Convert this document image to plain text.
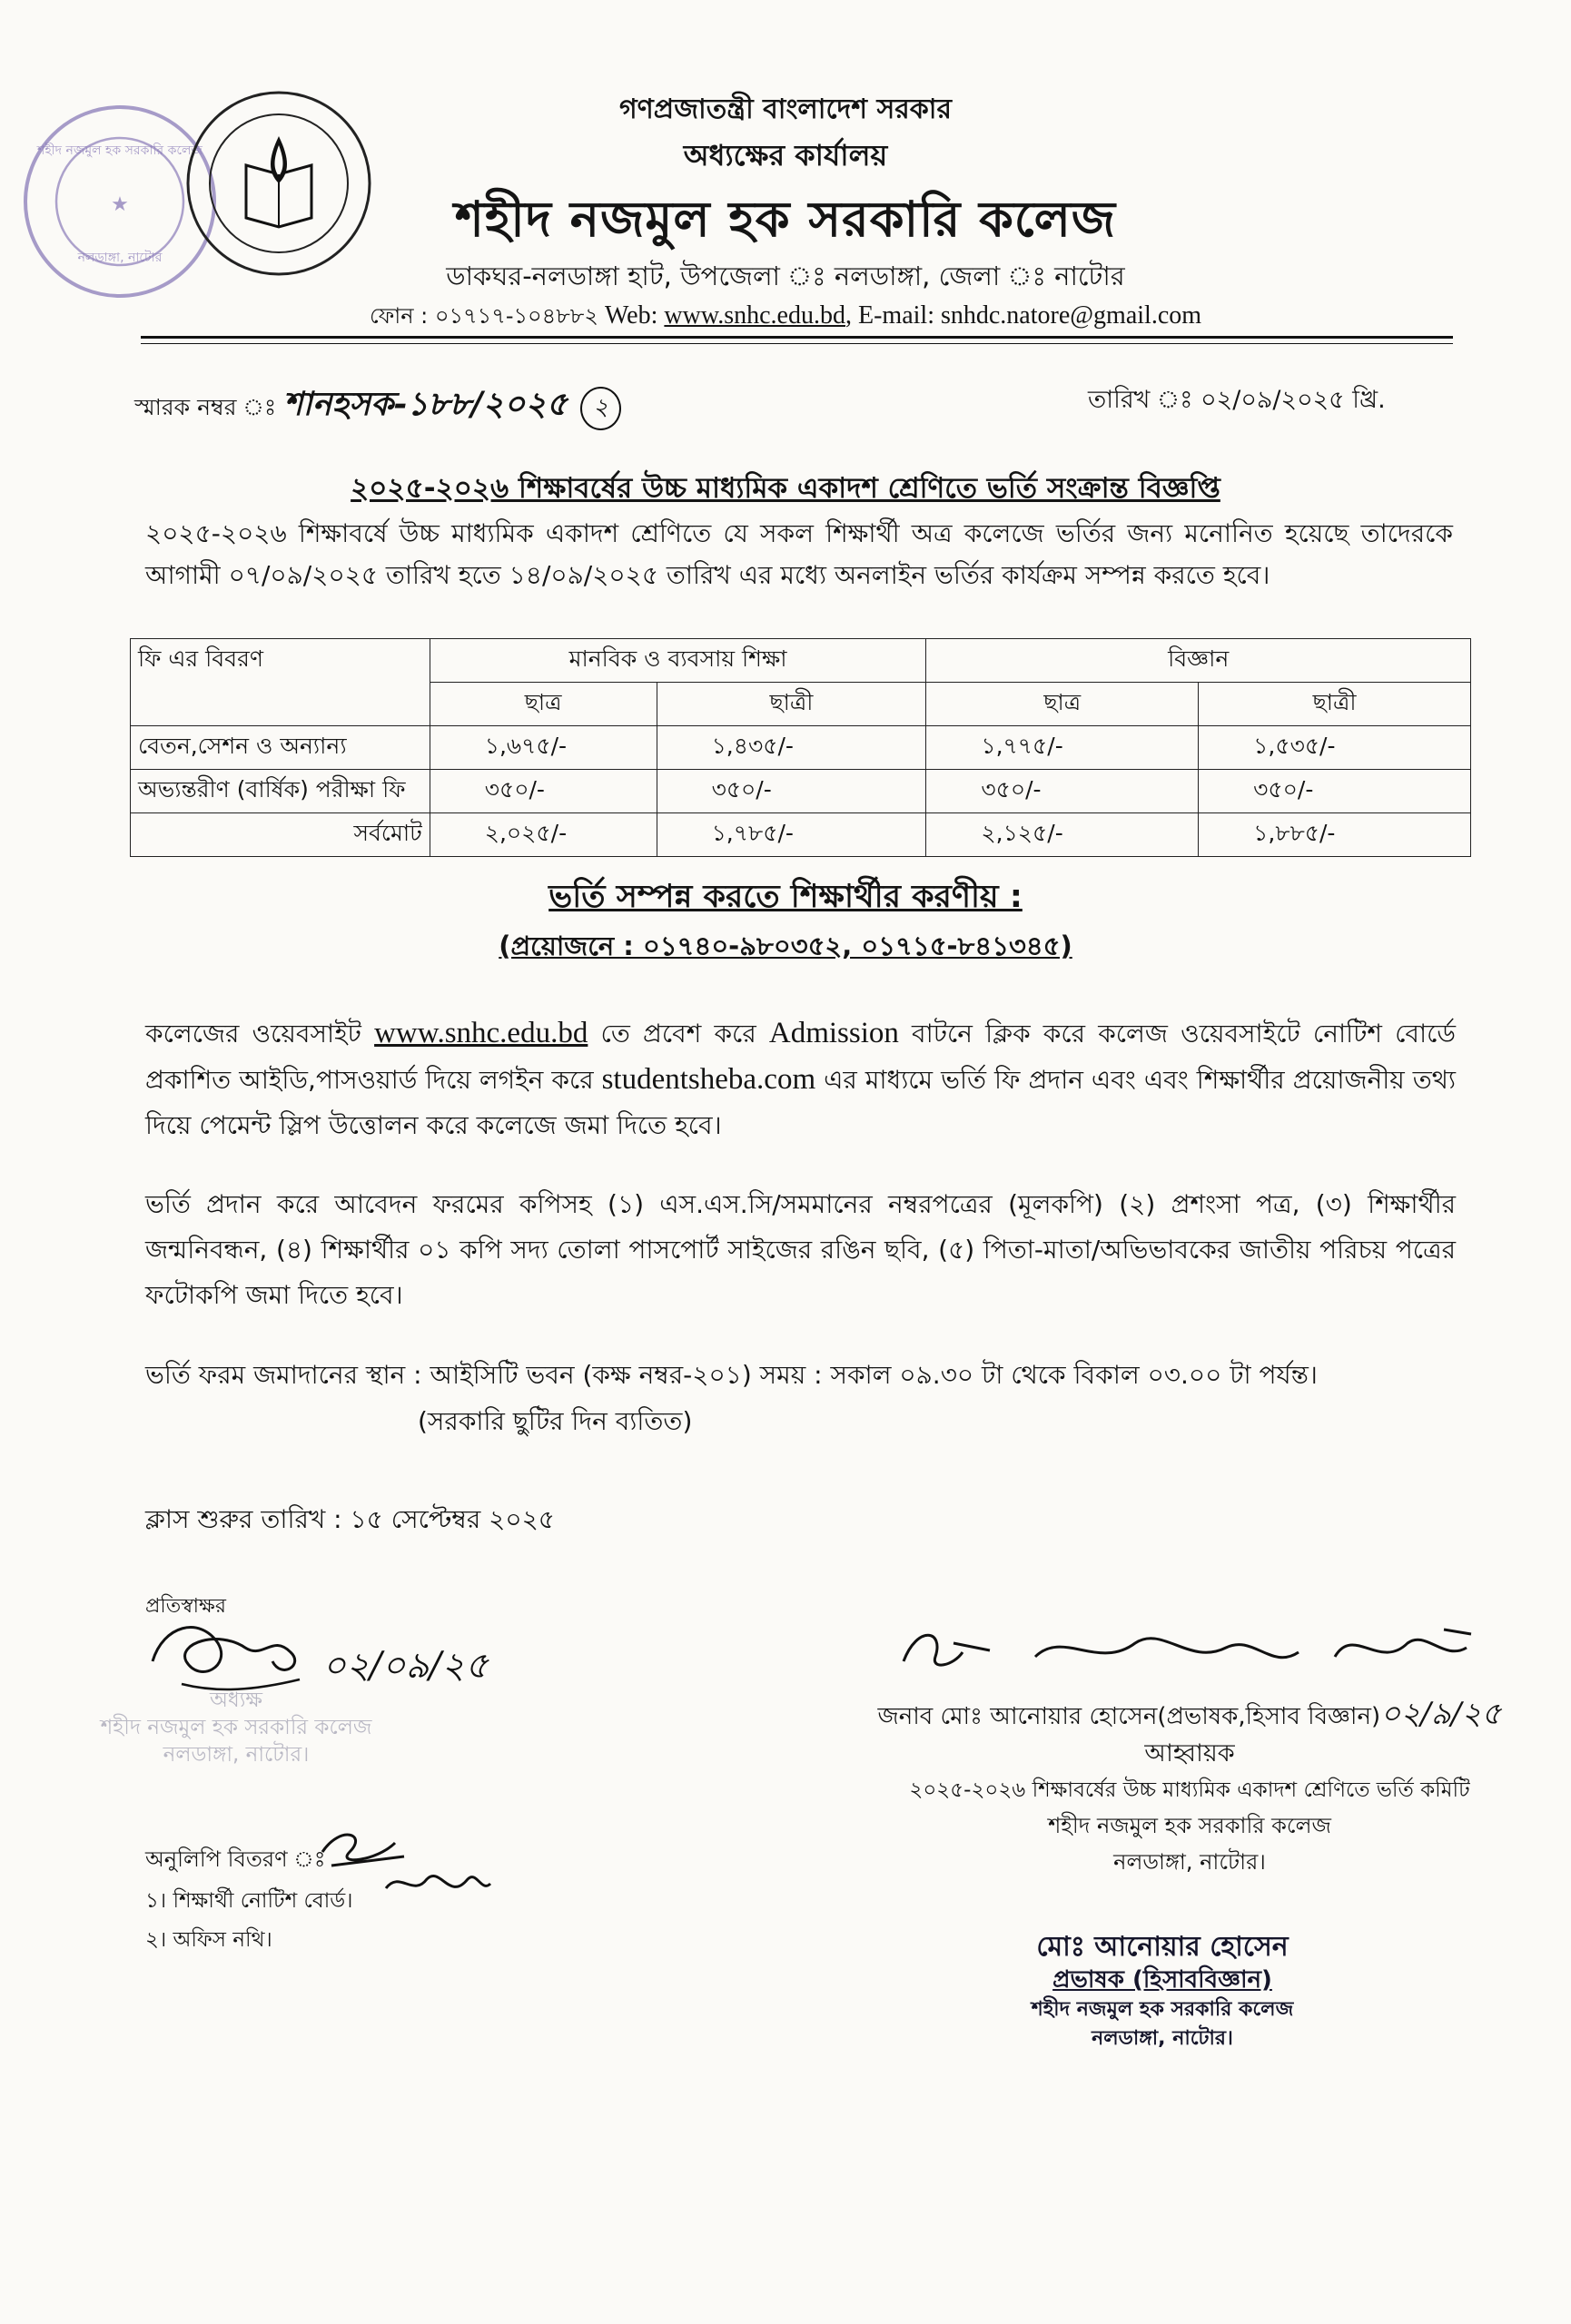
শহীদ নজমুল হক সরকারি কলেজ
নলডাঙ্গা, নাটোর
★
গণপ্রজাতন্ত্রী বাংলাদেশ সরকার
অধ্যক্ষের কার্যালয়
শহীদ নজমুল হক সরকারি কলেজ
ডাকঘর-নলডাঙ্গা হাট, উপজেলা ঃ নলডাঙ্গা, জেলা ঃ নাটোর
ফোন : ০১৭১৭-১০৪৮৮২ Web: www.snhc.edu.bd, E-mail: snhdc.natore@gmail.com
স্মারক নম্বর ঃ শানহসক-১৮৮/২০২৫ ২	তারিখ ঃ ০২/০৯/২০২৫ খ্রি.
২০২৫-২০২৬ শিক্ষাবর্ষের উচ্চ মাধ্যমিক একাদশ শ্রেণিতে ভর্তি সংক্রান্ত বিজ্ঞপ্তি
২০২৫-২০২৬ শিক্ষাবর্ষে উচ্চ মাধ্যমিক একাদশ শ্রেণিতে যে সকল শিক্ষার্থী অত্র কলেজে ভর্তির জন্য মনোনিত হয়েছে তাদেরকে আগামী ০৭/০৯/২০২৫ তারিখ হতে ১৪/০৯/২০২৫ তারিখ এর মধ্যে অনলাইন ভর্তির কার্যক্রম সম্পন্ন করতে হবে।
ফি এর বিবরণ	মানবিক ও ব্যবসায় শিক্ষা		বিজ্ঞান	
	ছাত্র	ছাত্রী	ছাত্র	ছাত্রী
বেতন,সেশন ও অন্যান্য	১,৬৭৫/-	১,৪৩৫/-	১,৭৭৫/-	১,৫৩৫/-
অভ্যন্তরীণ (বার্ষিক) পরীক্ষা ফি	৩৫০/-	৩৫০/-	৩৫০/-	৩৫০/-
সর্বমোট	২,০২৫/-	১,৭৮৫/-	২,১২৫/-	১,৮৮৫/-
ভর্তি সম্পন্ন করতে শিক্ষার্থীর করণীয় :
(প্রয়োজনে : ০১৭৪০-৯৮০৩৫২, ০১৭১৫-৮৪১৩৪৫)
কলেজের ওয়েবসাইট www.snhc.edu.bd তে প্রবেশ করে Admission বাটনে ক্লিক করে কলেজ ওয়েবসাইটে নোটিশ বোর্ডে প্রকাশিত আইডি,পাসওয়ার্ড দিয়ে লগইন করে studentsheba.com এর মাধ্যমে ভর্তি ফি প্রদান এবং এবং শিক্ষার্থীর প্রয়োজনীয় তথ্য দিয়ে পেমেন্ট স্লিপ উত্তোলন করে কলেজে জমা দিতে হবে।
ভর্তি প্রদান করে আবেদন ফরমের কপিসহ (১) এস.এস.সি/সমমানের নম্বরপত্রের (মূলকপি) (২) প্রশংসা পত্র, (৩) শিক্ষার্থীর জন্মনিবন্ধন, (৪) শিক্ষার্থীর ০১ কপি সদ্য তোলা পাসপোর্ট সাইজের রঙিন ছবি, (৫) পিতা-মাতা/অভিভাবকের জাতীয় পরিচয় পত্রের ফটোকপি জমা দিতে হবে।
ভর্তি ফরম জমাদানের স্থান : আইসিটি ভবন (কক্ষ নম্বর-২০১) সময় : সকাল ০৯.৩০ টা থেকে বিকাল ০৩.০০ টা পর্যন্ত।
(সরকারি ছুটির দিন ব্যতিত)
ক্লাস শুরুর তারিখ : ১৫ সেপ্টেম্বর ২০২৫
প্রতিস্বাক্ষর
০২/০৯/২৫
অধ্যক্ষ
শহীদ নজমুল হক সরকারি কলেজ
নলডাঙ্গা, নাটোর।
অনুলিপি বিতরণ ঃ
১। শিক্ষার্থী নোটিশ বোর্ড।
২। অফিস নথি।
জনাব মোঃ আনোয়ার হোসেন(প্রভাষক,হিসাব বিজ্ঞান)০২/৯/২৫
আহ্বায়ক
২০২৫-২০২৬ শিক্ষাবর্ষের উচ্চ মাধ্যমিক একাদশ শ্রেণিতে ভর্তি কমিটি
শহীদ নজমুল হক সরকারি কলেজ
নলডাঙ্গা, নাটোর।
মোঃ আনোয়ার হোসেন
প্রভাষক (হিসাববিজ্ঞান)
শহীদ নজমুল হক সরকারি কলেজ
নলডাঙ্গা, নাটোর।
